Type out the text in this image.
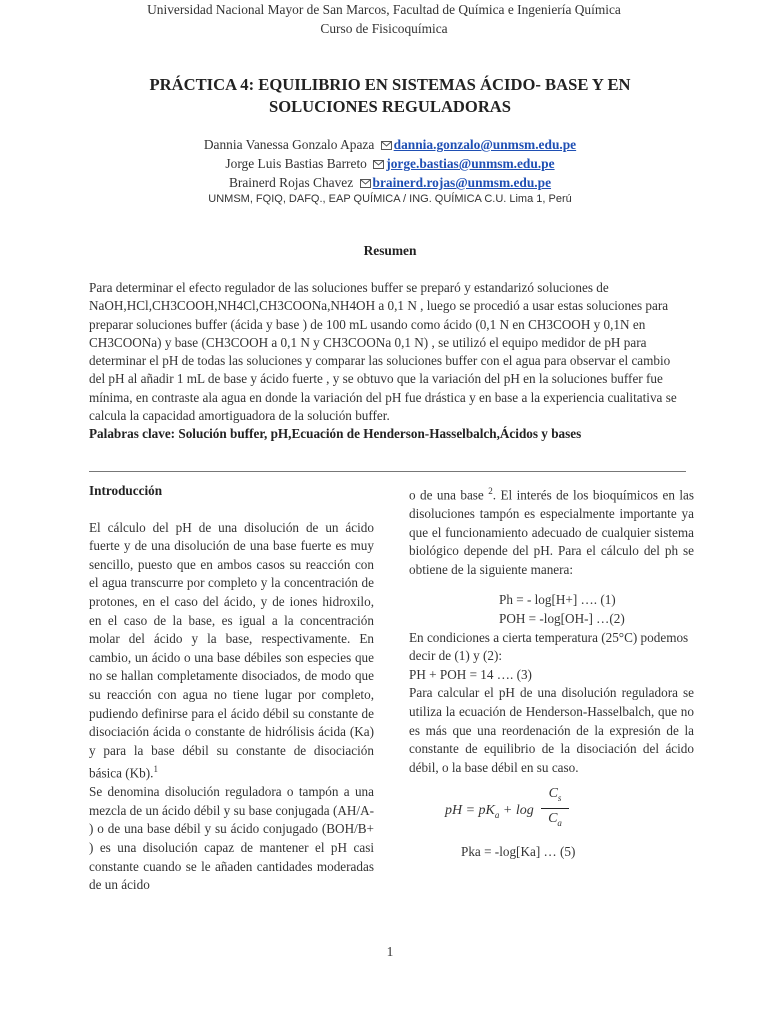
Universidad Nacional Mayor de San Marcos, Facultad de Química e Ingeniería Química
Curso de Fisicoquímica
PRÁCTICA 4: EQUILIBRIO EN SISTEMAS ÁCIDO- BASE Y EN
SOLUCIONES REGULADORAS
Dannia Vanessa Gonzalo Apaza dannia.gonzalo@unmsm.edu.pe
Jorge Luis Bastias Barreto jorge.bastias@unmsm.edu.pe
Brainerd Rojas Chavez brainerd.rojas@unmsm.edu.pe
UNMSM, FQIQ, DAFQ., EAP QUÍMICA / ING. QUÍMICA C.U. Lima 1, Perú
Resumen

Para determinar el efecto regulador de las soluciones buffer se preparó y estandarizó soluciones de NaOH,HCl,CH3COOH,NH4Cl,CH3COONa,NH4OH a 0,1 N , luego se procedió a usar estas soluciones para preparar soluciones buffer (ácida y base ) de 100 mL usando como ácido (0,1 N en CH3COOH y 0,1N en CH3COONa) y base (CH3COOH a 0,1 N y CH3COONa 0,1 N) , se utilizó el equipo medidor de pH para determinar el pH de todas las soluciones y comparar las soluciones buffer con el agua para observar el cambio del pH al añadir 1 mL de base y ácido fuerte , y se obtuvo que la variación del pH en la soluciones buffer fue mínima, en contraste ala agua en donde la variación del pH fue drástica y en base a la experiencia cualitativa se calcula la capacidad amortiguadora de la solución buffer.

Palabras clave: Solución buffer, pH,Ecuación de Henderson-Hasselbalch,Ácidos y bases

Introducción

El cálculo del pH de una disolución de un ácido fuerte y de una disolución de una base fuerte es muy sencillo, puesto que en ambos casos su reacción con el agua transcurre por completo y la concentración de protones, en el caso del ácido, y de iones hidroxilo, en el caso de la base, es igual a la concentración molar del ácido y la base, respectivamente. En cambio, un ácido o una base débiles son especies que no se hallan completamente disociados, de modo que su reacción con agua no tiene lugar por completo, pudiendo definirse para el ácido débil su constante de disociación ácida o constante de hidrólisis ácida (Ka) y para la base débil su constante de disociación básica (Kb).$^1$

Se denomina disolución reguladora o tampón a una mezcla de un ácido débil y su base conjugada (AH/A- ) o de una base débil y su ácido conjugado (BOH/B+ ) es una disolución capaz de mantener el pH casi constante cuando se le añaden cantidades moderadas de un ácido

o de una base $^2$. El interés de los bioquímicos en las disoluciones tampón es especialmente importante ya que el funcionamiento adecuado de cualquier sistema biológico depende del pH. Para el cálculo del ph se obtiene de la siguiente manera:

Ph = - log[H+] …. (1)
POH = -log[OH-] …(2)

En condiciones a cierta temperatura (25°C) podemos decir de (1) y (2):

PH + POH = 14 …. (3)

Para calcular el pH de una disolución reguladora se utiliza la ecuación de Henderson-Hasselbalch, que no es más que una reordenación de la expresión de la constante de equilibrio de la disociación del ácido débil, o la base débil en su caso.

pH = $pK_a + \log$
$C_s$
$C_a$
Pka = -log[Ka] … (5)
1
